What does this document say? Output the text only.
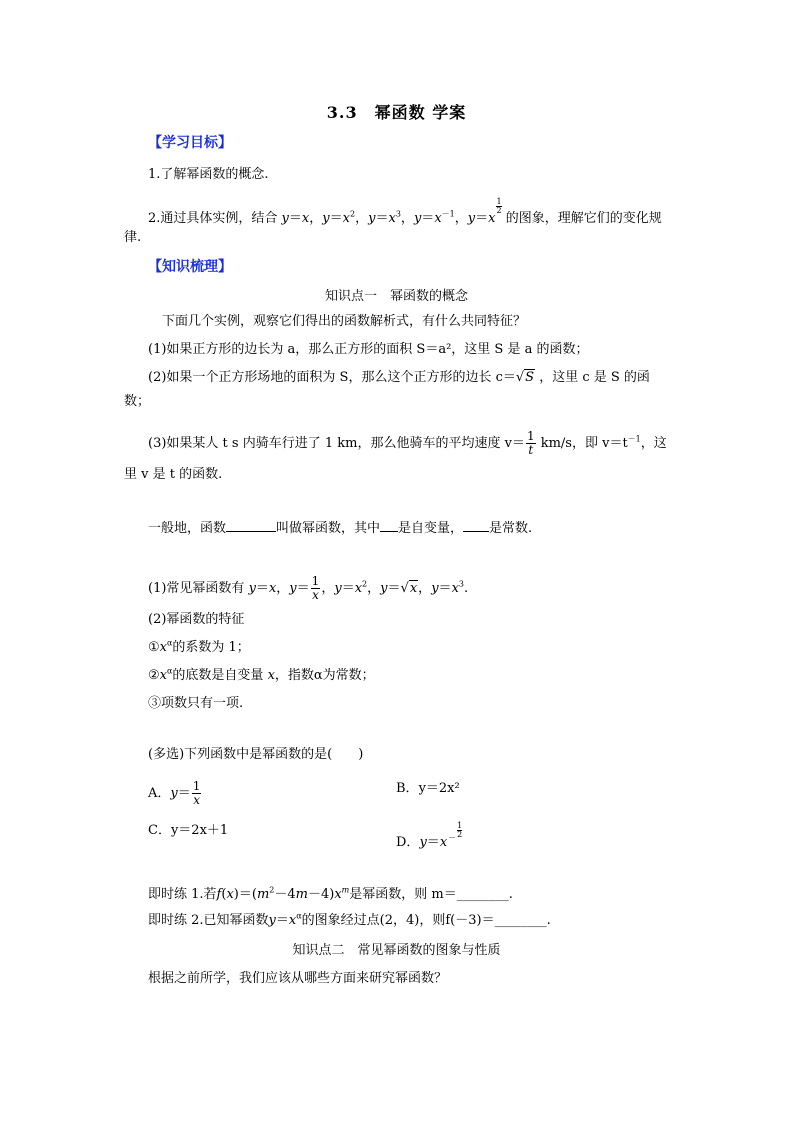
3.3　幂函数 学案
【学习目标】
1.了解幂函数的概念.
2.通过具体实例，结合 y＝x，$y=x^2$，$y=x^3$，$y=x^{-1}$，y＝x
$\frac{1}{2}$
的图象，理解它们的变化规
律.
【知识梳理】
知识点一　幂函数的概念
下面几个实例，观察它们得出的函数解析式，有什么共同特征？
(1)如果正方形的边长为 a，那么正方形的面积 S＝a²，这里 S 是 a 的函数；
(2)如果一个正方形场地的面积为 S，那么这个正方形的边长 c＝√S ，这里 c 是 S 的函
数；
(3)如果某人 t s 内骑车行进了 1 km，那么他骑车的平均速度 $v= \frac{1}{t} km/s$，即 $v=t^{-1}$，这
里 v 是 t 的函数.
一般地，函数	叫做幂函数，其中 是自变量， 是常数.
(1)常见幂函数有 y＝x，$y= \frac{1}{x}$ ，$y=x^2$，y＝√x，$y=x^3$.
(2)幂函数的特征
$①x^\alpha$的系数为 1；
$②x^\alpha$的底数是自变量 x，指数α为常数；
③项数只有一项.
(多选)下列函数中是幂函数的是(　　)
A．$y= \frac{1}{x}$	B．y＝2x²
C．y＝2x＋1
D．$y=x - \frac{1}{2}$
即时练 1.若$f(x)=(m^2-4m-4)x^m$是幂函数，则 m＝________.
即时练 2.已知幂函数$y=x^\alpha$的图象经过点(2，4)，则f(－3)＝________.
知识点二　常见幂函数的图象与性质
根据之前所学，我们应该从哪些方面来研究幂函数？
